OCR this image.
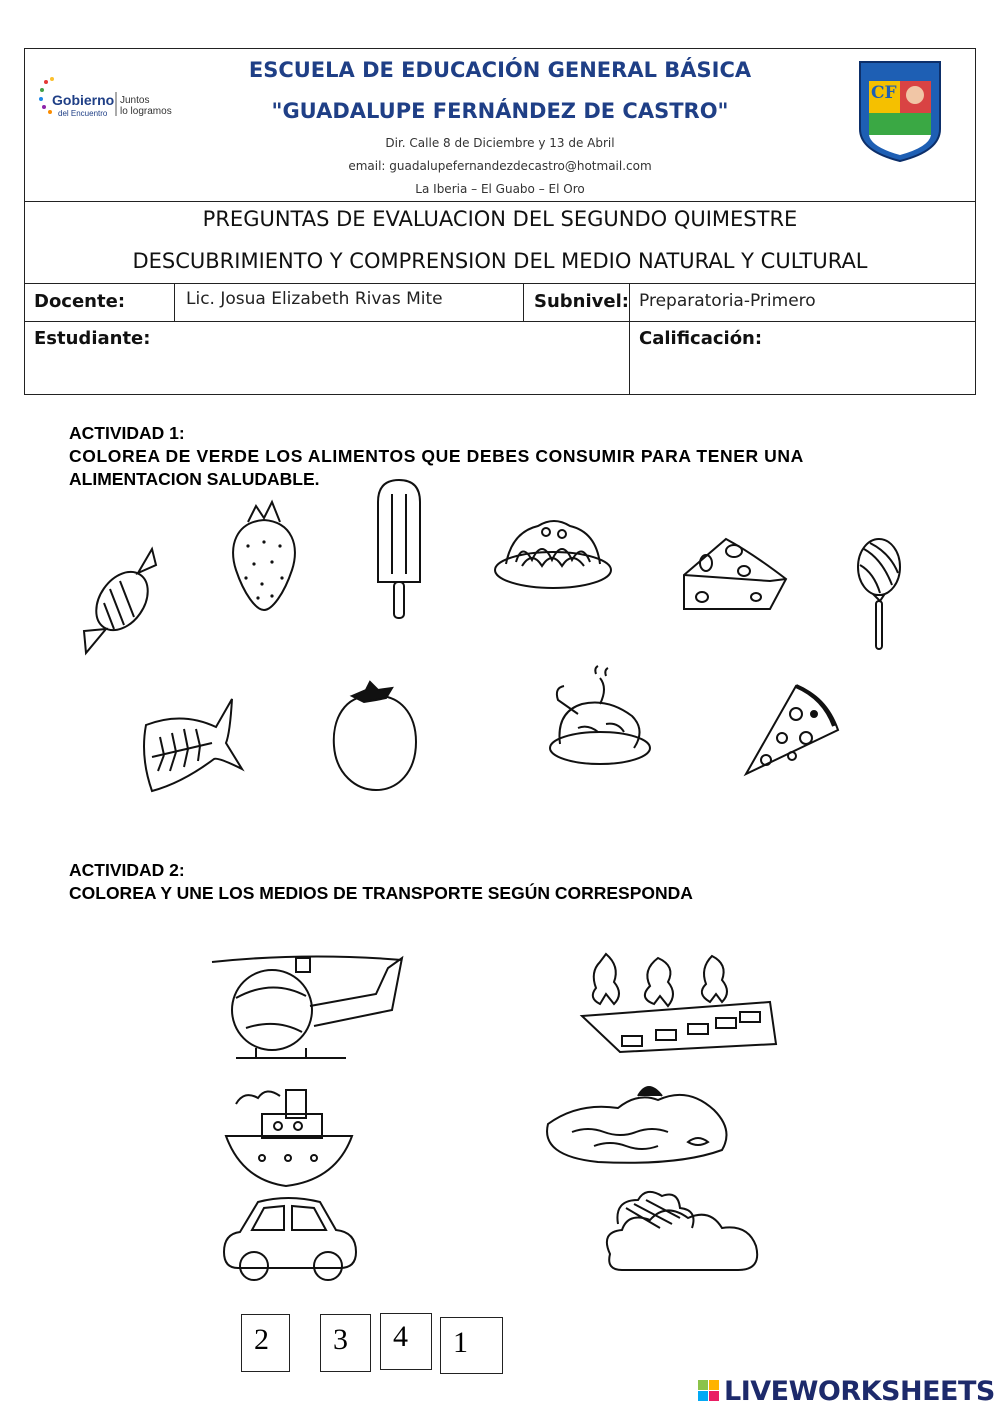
Gobierno
del Encuentro
Juntos
lo logramos
ESCUELA DE EDUCACIÓN GENERAL BÁSICA
"GUADALUPE FERNÁNDEZ DE CASTRO"
Dir. Calle 8 de Diciembre y 13 de Abril
email: guadalupefernandezdecastro@hotmail.com
La Iberia – El Guabo – El Oro
CF
PREGUNTAS DE EVALUACION DEL SEGUNDO QUIMESTRE
DESCUBRIMIENTO Y COMPRENSION DEL MEDIO NATURAL Y CULTURAL
Docente:	Lic. Josua Elizabeth Rivas Mite	Subnivel: Preparatoria-Primero
Estudiante:	Calificación:
ACTIVIDAD 1:
COLOREA DE VERDE LOS ALIMENTOS QUE DEBES CONSUMIR PARA TENER UNA
ALIMENTACION SALUDABLE.
ACTIVIDAD 2:
COLOREA Y UNE LOS MEDIOS DE TRANSPORTE SEGÚN CORRESPONDA
2	3	4	1
LIVEWORKSHEETS
